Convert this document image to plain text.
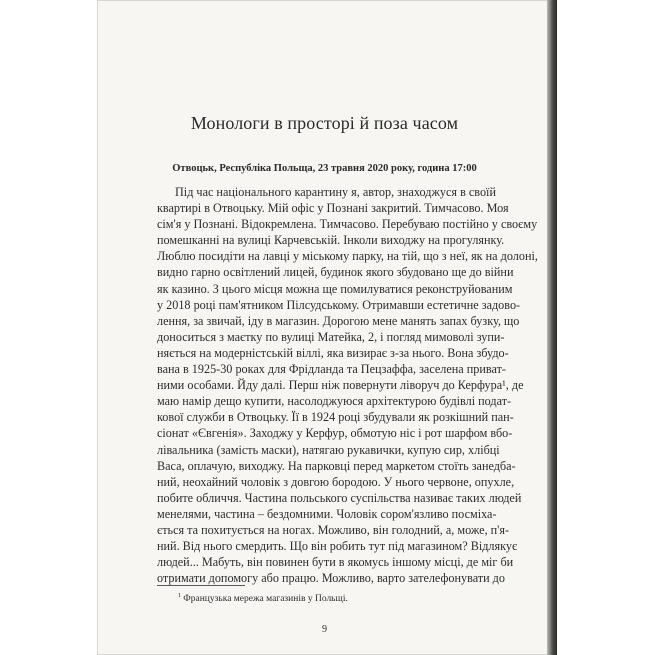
Монологи в просторі й поза часом
Отвоцьк, Республіка Польща, 23 травня 2020 року, година 17:00
Під час національного карантину я, автор, знаходжуся в своїй
квартирі в Отвоцьку. Мій офіс у Познані закритий. Тимчасово. Моя
сім'я у Познані. Відокремлена. Тимчасово. Перебуваю постійно у своєму
помешканні на вулиці Карчевській. Інколи виходжу на прогулянку.
Люблю посидіти на лавці у міському парку, на тій, що з неї, як на долоні,
видно гарно освітлений лицей, будинок якого збудовано ще до війни
як казино. З цього місця можна ще помилуватися реконструйованим
у 2018 році пам'ятником Пілсудському. Отримавши естетичне задово-
лення, за звичай, іду в магазин. Дорогою мене манять запах бузку, що
доноситься з маєтку по вулиці Матейка, 2, і погляд мимоволі зупи-
няється на модерністській віллі, яка визирає з-за нього. Вона збудо-
вана в 1925-30 роках для Фрідланда та Пецзаффа, заселена приват-
ними особами. Йду далі. Перш ніж повернути ліворуч до Керфура¹, де
маю намір дещо купити, насолоджуюся архітектурою будівлі подат-
кової служби в Отвоцьку. Її в 1924 році збудували як розкішний пан-
сіонат «Євгенія». Заходжу у Керфур, обмотую ніс і рот шарфом вбо-
лівальника (замість маски), натягаю рукавички, купую сир, хлібці
Васа, оплачую, виходжу. На парковці перед маркетом стоїть занедба-
ний, неохайний чоловік з довгою бородою. У нього червоне, опухле,
побите обличчя. Частина польського суспільства називає таких людей
менелями, частина – бездомними. Чоловік сором'язливо посміха-
ється та похитується на ногах. Можливо, він голодний, а, може, п'я-
ний. Від нього смердить. Що він робить тут під магазином? Відлякує
людей... Мабуть, він повинен бути в якомусь іншому місці, де міг би
отримати допомогу або працю. Можливо, варто зателефонувати до
$^1$ Французька мережа магазинів у Польщі.
9
